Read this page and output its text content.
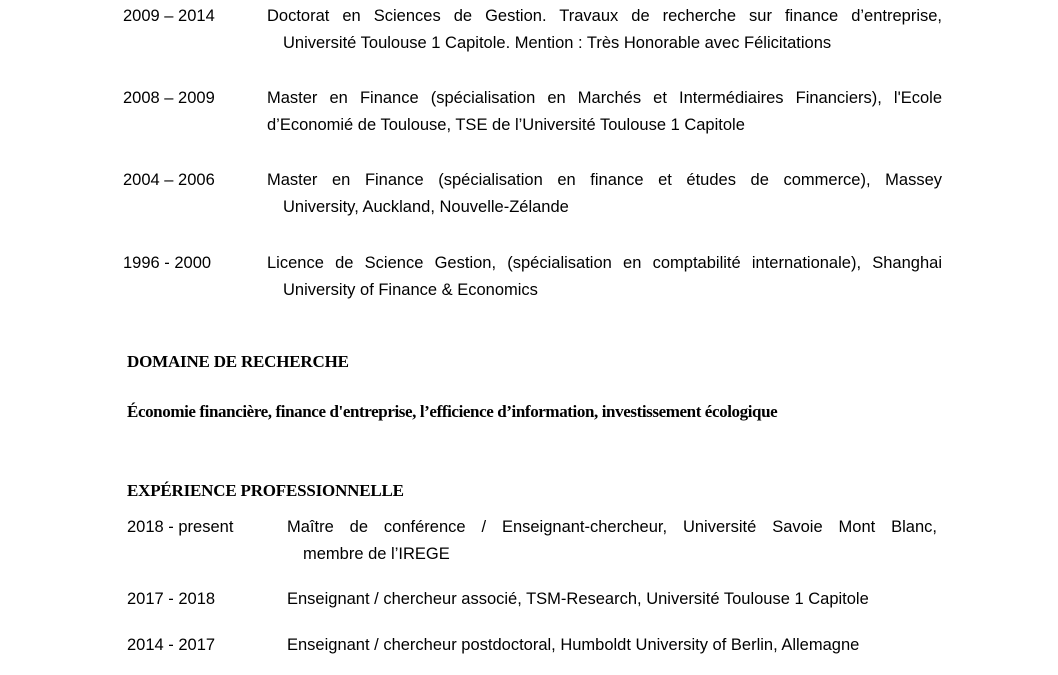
2009 – 2014	Doctorat en Sciences de Gestion. Travaux de recherche sur finance d’entreprise,
Université Toulouse 1 Capitole. Mention : Très Honorable avec Félicitations
2008 – 2009	Master en Finance (spécialisation en Marchés et Intermédiaires Financiers), l'Ecole
d’Economié de Toulouse, TSE de l’Université Toulouse 1 Capitole
2004 – 2006	Master en Finance (spécialisation en finance et études de commerce), Massey
University, Auckland, Nouvelle-Zélande
1996 - 2000	Licence de Science Gestion, (spécialisation en comptabilité internationale), Shanghai
University of Finance & Economics
DOMAINE DE RECHERCHE
Économie financière, finance d'entreprise, l’efficience d’information, investissement écologique
EXPÉRIENCE PROFESSIONNELLE
2018 - present	Maître de conférence / Enseignant-chercheur, Université Savoie Mont Blanc,
membre de l’IREGE
2017 - 2018	Enseignant / chercheur associé, TSM-Research, Université Toulouse 1 Capitole
2014 - 2017	Enseignant / chercheur postdoctoral, Humboldt University of Berlin, Allemagne
